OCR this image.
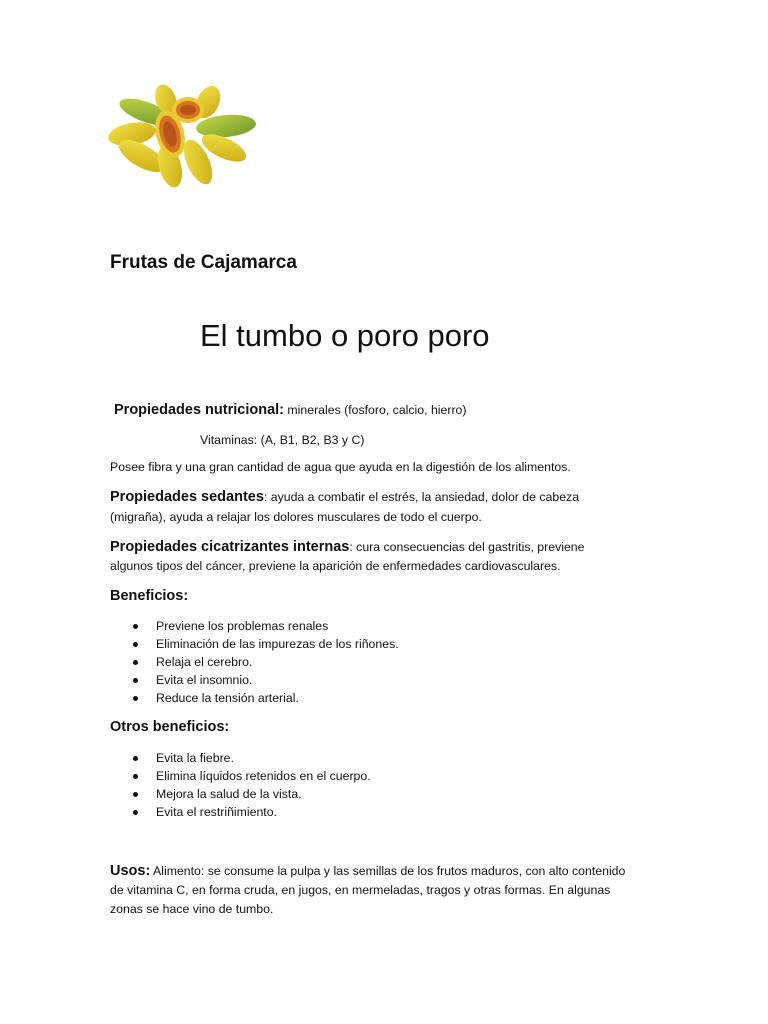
Frutas de Cajamarca
El tumbo o poro poro
Propiedades nutricional: minerales (fosforo, calcio, hierro)
Vitaminas: (A, B1, B2, B3 y C)
Posee fibra y una gran cantidad de agua que ayuda en la digestión de los alimentos.
Propiedades sedantes: ayuda a combatir el estrés, la ansiedad, dolor de cabeza
(migraña), ayuda a relajar los dolores musculares de todo el cuerpo.
Propiedades cicatrizantes internas: cura consecuencias del gastritis, previene
algunos tipos del cáncer, previene la aparición de enfermedades cardiovasculares.
Beneficios:
Previene los problemas renales
Eliminación de las impurezas de los riñones.
Relaja el cerebro.
Evita el insomnio.
Reduce la tensión arterial.
Otros beneficios:
Evita la fiebre.
Elimina líquidos retenidos en el cuerpo.
Mejora la salud de la vista.
Evita el restriñimiento.
Usos: Alimento: se consume la pulpa y las semillas de los frutos maduros, con alto contenido
de vitamina C, en forma cruda, en jugos, en mermeladas, tragos y otras formas. En algunas
zonas se hace vino de tumbo.
